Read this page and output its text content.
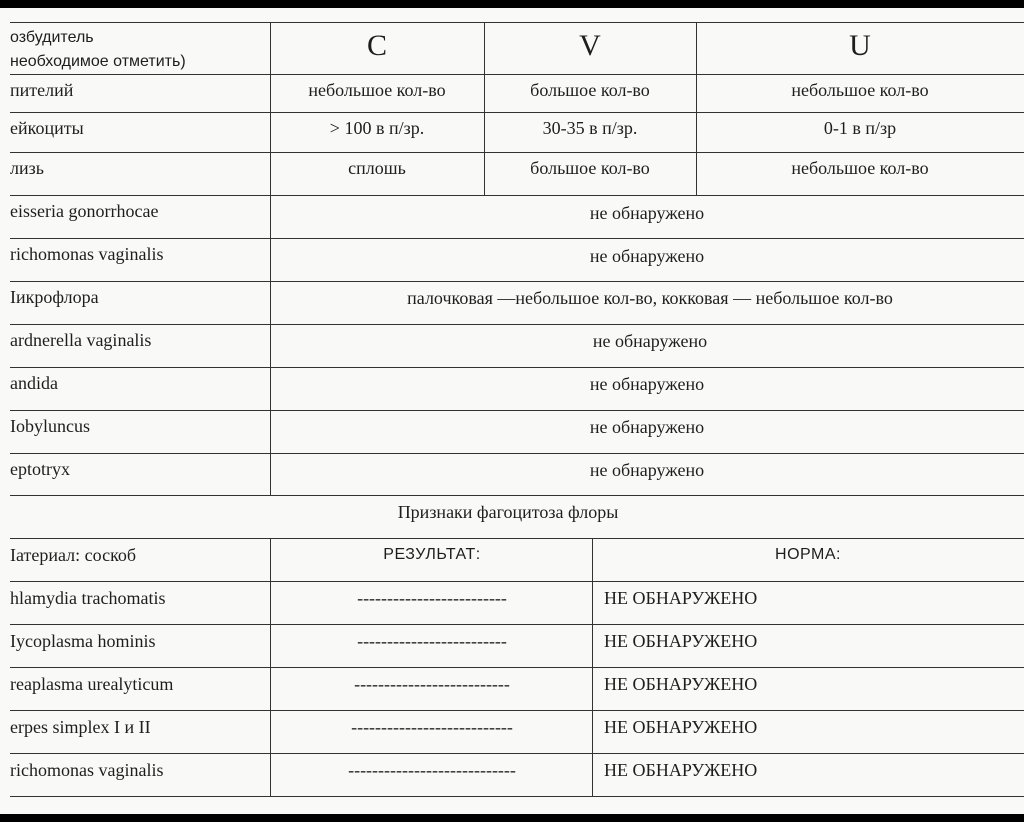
озбудитель
необходимое отметить)	C	V	U
пителий	небольшое кол-во	большое кол-во	небольшое кол-во
ейкоциты	> 100 в п/зр.	30-35 в п/зр.	0-1 в п/зр
лизь	сплошь	большое кол-во	небольшое кол-во
eisseria gonorrhocae	не обнаружено
richomonas vaginalis	не обнаружено
Iикрофлора	палочковая —небольшое кол-во, кокковая — небольшое кол-во
ardnerella vaginalis	не обнаружено
andida	не обнаружено
Iobyluncus	не обнаружено
eptotryx	не обнаружено
Признаки фагоцитоза флоры
Iатериал: соскоб	РЕЗУЛЬТАТ:	НОРМА:
hlamydia trachomatis	-------------------------	НЕ ОБНАРУЖЕНО
Iycoplasma hominis	-------------------------	НЕ ОБНАРУЖЕНО
reaplasma urealyticum	--------------------------	НЕ ОБНАРУЖЕНО
erpes simplex I и II	---------------------------	НЕ ОБНАРУЖЕНО
richomonas vaginalis	----------------------------	НЕ ОБНАРУЖЕНО
